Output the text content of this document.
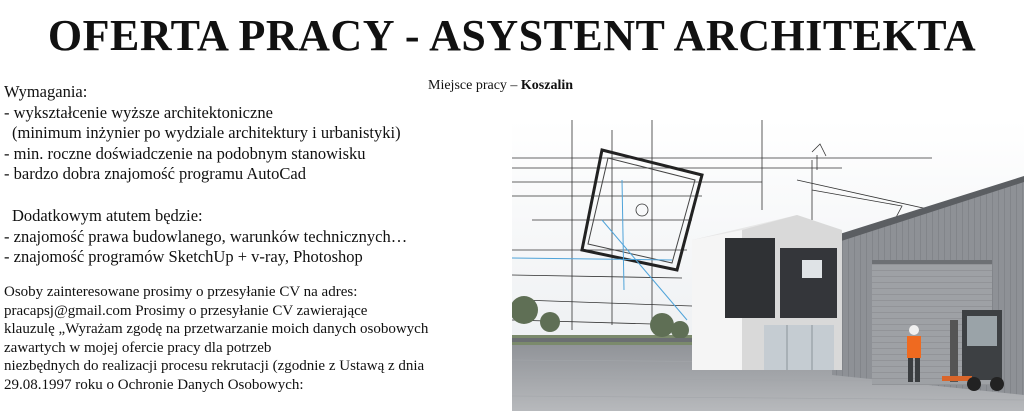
OFERTA PRACY - ASYSTENT ARCHITEKTA
Miejsce pracy – Koszalin
Wymagania:
- wykształcenie wyższe architektoniczne
(minimum inżynier po wydziale architektury i urbanistyki)
- min. roczne doświadczenie na podobnym stanowisku
- bardzo dobra znajomość programu AutoCad
Dodatkowym atutem będzie:
- znajomość prawa budowlanego, warunków technicznych…
- znajomość programów SketchUp + v-ray, Photoshop
Osoby zainteresowane prosimy o przesyłanie CV na adres:
pracapsj@gmail.com Prosimy o przesyłanie CV zawierające
klauzulę „Wyrażam zgodę na przetwarzanie moich danych osobowych
zawartych w mojej ofercie pracy dla potrzeb
niezbędnych do realizacji procesu rekrutacji (zgodnie z Ustawą z dnia
29.08.1997 roku o Ochronie Danych Osobowych:
